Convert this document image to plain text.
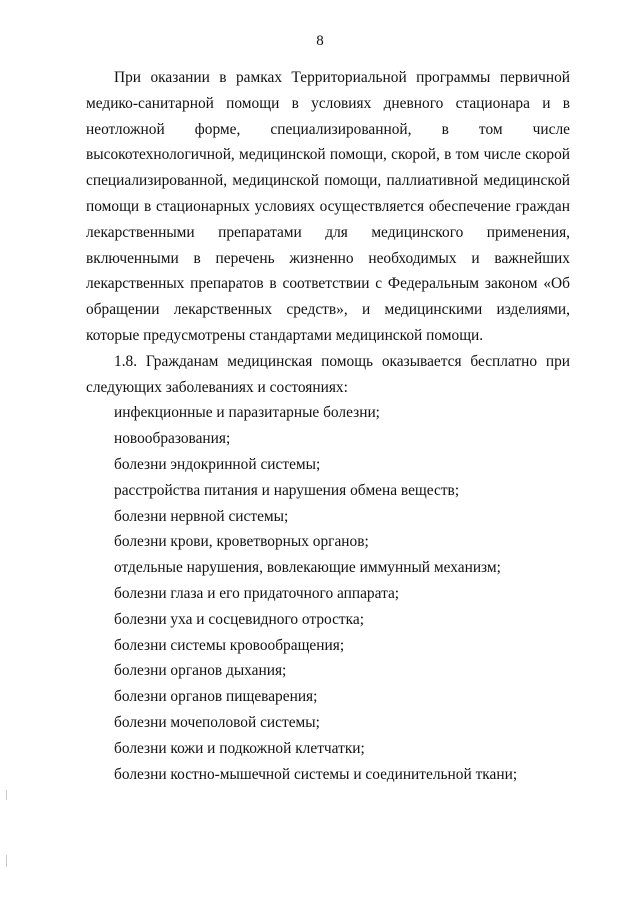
8

При оказании в рамках Территориальной программы первичной медико-санитарной помощи в условиях дневного стационара и в неотложной форме, специализированной, в том числе высокотехнологичной, медицинской помощи, скорой, в том числе скорой специализированной, медицинской помощи, паллиативной медицинской помощи в стационарных условиях осуществляется обеспечение граждан лекарственными препаратами для медицинского применения, включенными в перечень жизненно необходимых и важнейших лекарственных препаратов в соответствии с Федеральным законом «Об обращении лекарственных средств», и медицинскими изделиями, которые предусмотрены стандартами медицинской помощи.

1.8. Гражданам медицинская помощь оказывается бесплатно при следующих заболеваниях и состояниях:

инфекционные и паразитарные болезни;
новообразования;
болезни эндокринной системы;
расстройства питания и нарушения обмена веществ;
болезни нервной системы;
болезни крови, кроветворных органов;
отдельные нарушения, вовлекающие иммунный механизм;
болезни глаза и его придаточного аппарата;
болезни уха и сосцевидного отростка;
болезни системы кровообращения;
болезни органов дыхания;
болезни органов пищеварения;
болезни мочеполовой системы;
болезни кожи и подкожной клетчатки;
болезни костно-мышечной системы и соединительной ткани;
